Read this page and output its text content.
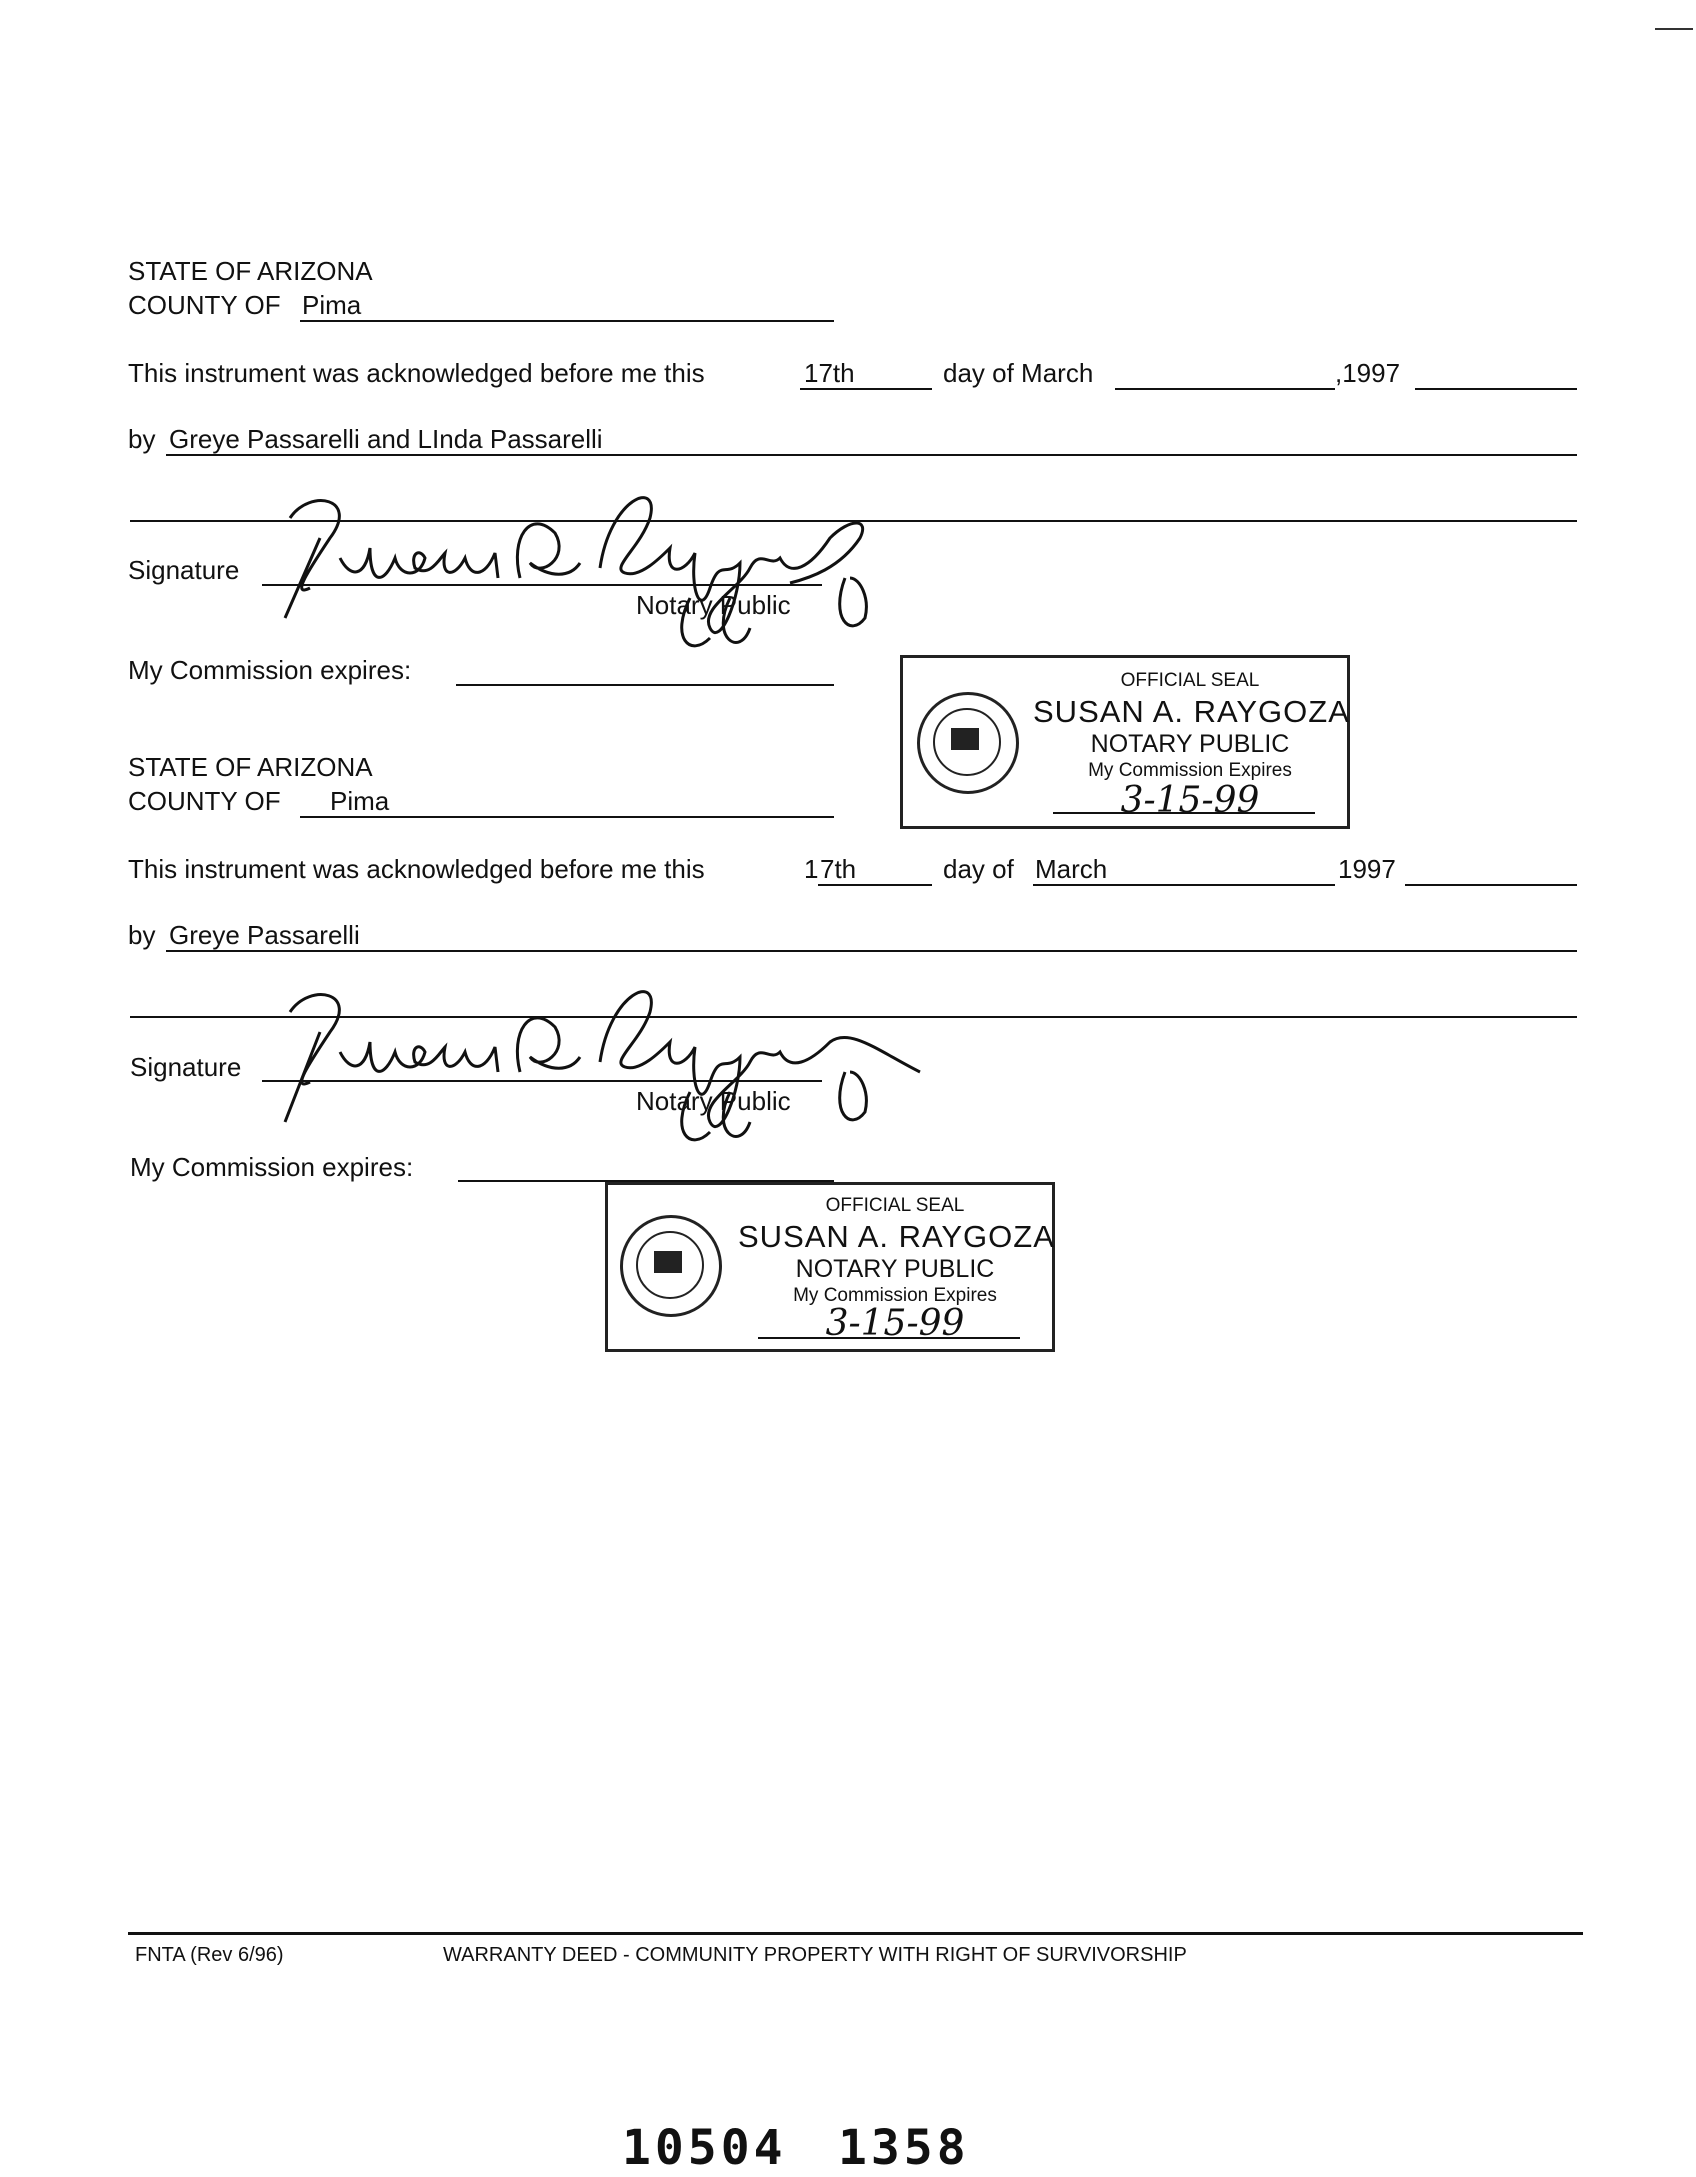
STATE OF ARIZONA
COUNTY OF Pima
This instrument was acknowledged before me this	17th	day of March	,1997
by Greye Passarelli and LInda Passarelli
Signature
Notary Public
My Commission expires:	OFFICIAL SEAL
SUSAN A. RAYGOZA
NOTARY PUBLIC
My Commission Expires
3-15-99
STATE OF ARIZONA
COUNTY OF Pima
This instrument was acknowledged before me this	1 7th	day of March	1997
by Greye Passarelli
Signature
Notary Public
My Commission expires:
OFFICIAL SEAL
SUSAN A. RAYGOZA
NOTARY PUBLIC
My Commission Expires
3-15-99
FNTA (Rev 6/96)	WARRANTY DEED - COMMUNITY PROPERTY WITH RIGHT OF SURVIVORSHIP
10504 1358
